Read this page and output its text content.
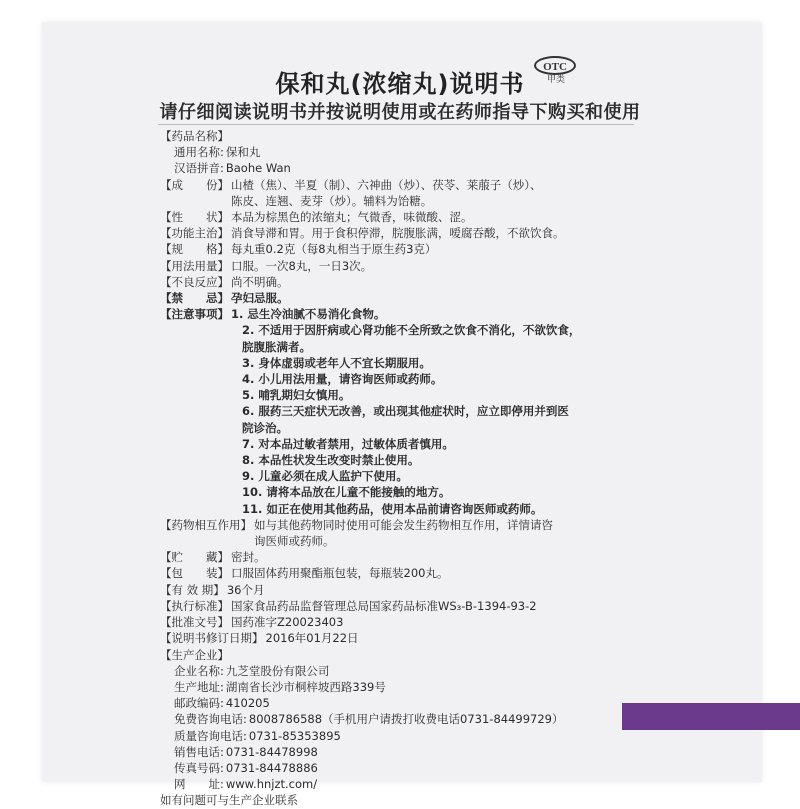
保和丸(浓缩丸)说明书
OTC
甲类
请仔细阅读说明书并按说明使用或在药师指导下购买和使用
【药品名称】
通用名称: 保和丸
汉语拼音: Baohe Wan
【成　　份】 山楂（焦）、半夏（制）、六神曲（炒）、茯苓、莱菔子（炒）、
陈皮、连翘、麦芽（炒）。辅料为饴糖。
【性　　状】 本品为棕黑色的浓缩丸；气微香，味微酸、涩。
【功能主治】 消食导滞和胃。用于食积停滞，脘腹胀满，嗳腐吞酸，不欲饮食。
【规　　格】 每丸重0.2克（每8丸相当于原生药3克）
【用法用量】 口服。一次8丸，一日3次。
【不良反应】 尚不明确。
【禁　　忌】 孕妇忌服。
【注意事项】 1. 忌生冷油腻不易消化食物。
2. 不适用于因肝病或心肾功能不全所致之饮食不消化，不欲饮食，
脘腹胀满者。
3. 身体虚弱或老年人不宜长期服用。
4. 小儿用法用量，请咨询医师或药师。
5. 哺乳期妇女慎用。
6. 服药三天症状无改善，或出现其他症状时，应立即停用并到医
院诊治。
7. 对本品过敏者禁用，过敏体质者慎用。
8. 本品性状发生改变时禁止使用。
9. 儿童必须在成人监护下使用。
10. 请将本品放在儿童不能接触的地方。
11. 如正在使用其他药品，使用本品前请咨询医师或药师。
【药物相互作用】 如与其他药物同时使用可能会发生药物相互作用，详情请咨
询医师或药师。
【贮　　藏】 密封。
【包　　装】 口服固体药用聚酯瓶包装，每瓶装200丸。
【有 效 期】 36个月
【执行标准】 国家食品药品监督管理总局国家药品标准WS₃-B-1394-93-2
【批准文号】 国药准字Z20023403
【说明书修订日期】 2016年01月22日
【生产企业】
企业名称: 九芝堂股份有限公司
生产地址: 湖南省长沙市桐梓坡西路339号
邮政编码: 410205
免费咨询电话: 8008786588（手机用户请拨打收费电话0731-84499729）
质量咨询电话: 0731-85353895
销售电话: 0731-84478998
传真号码: 0731-84478886
网　　址: www.hnjzt.com/
如有问题可与生产企业联系
